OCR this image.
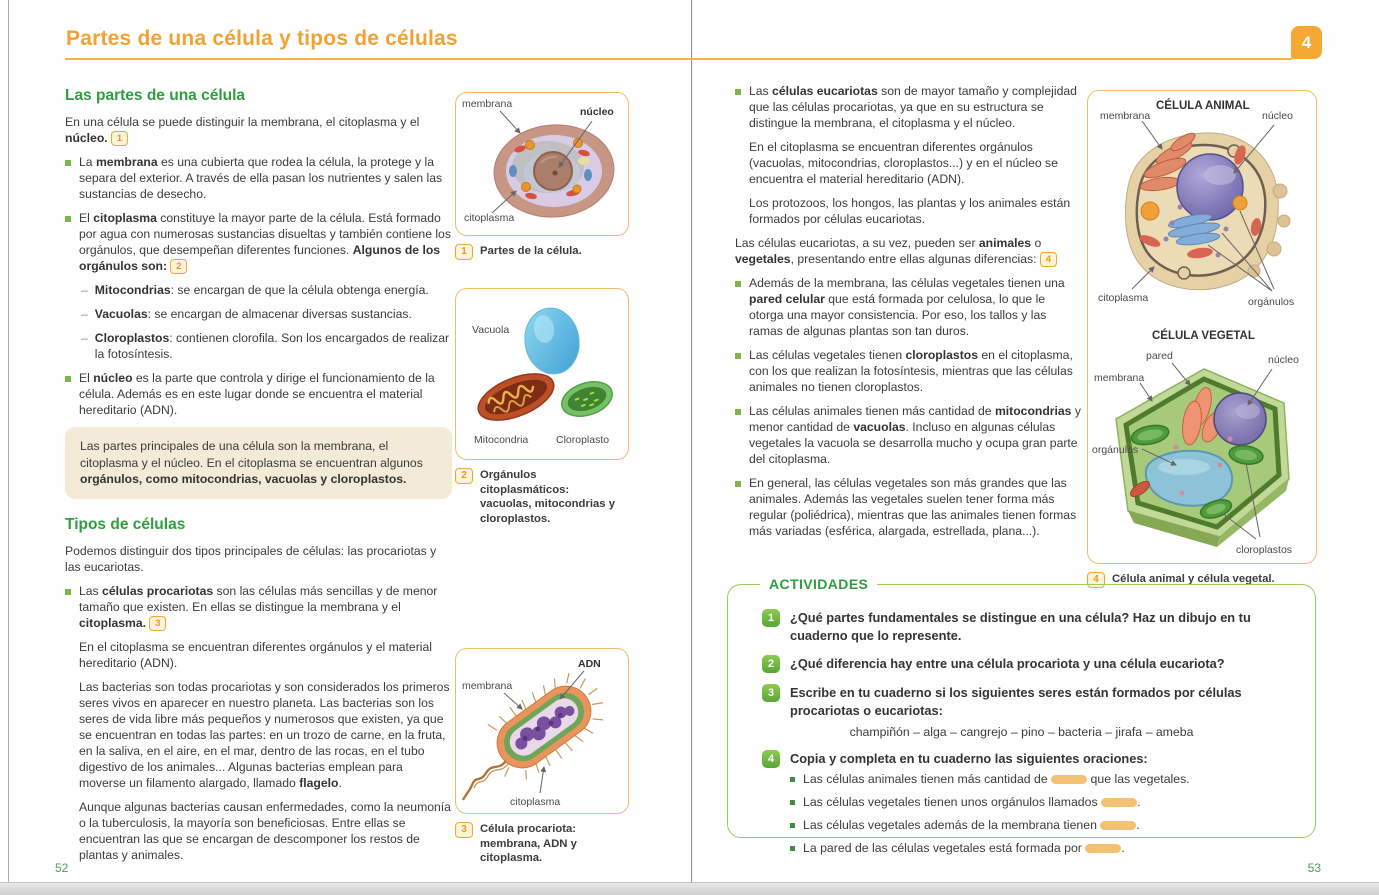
Partes de una célula y tipos de células	4
Las partes de una célula

En una célula se puede distinguir la membrana, el citoplasma y el núcleo. 1

La membrana es una cubierta que rodea la célula, la protege y la separa del exterior. A través de ella pasan los nutrientes y salen las sustancias de desecho.
El citoplasma constituye la mayor parte de la célula. Está formado por agua con numerosas sustancias disueltas y también contiene los orgánulos, que desempeñan diferentes funciones. Algunos de los orgánulos son: 2
– Mitocondrias: se encargan de que la célula obtenga energía.
– Vacuolas: se encargan de almacenar diversas sustancias.
– Cloroplastos: contienen clorofila. Son los encargados de realizar la fotosíntesis.
El núcleo es la parte que controla y dirige el funcionamiento de la célula. Además es en este lugar donde se encuentra el material hereditario (ADN).
Las partes principales de una célula son la membrana, el citoplasma y el núcleo. En el citoplasma se encuentran algunos orgánulos, como mitocondrias, vacuolas y cloroplastos.
Tipos de células

Podemos distinguir dos tipos principales de células: las procariotas y las eucariotas.

Las células procariotas son las células más sencillas y de menor tamaño que existen. En ellas se distingue la membrana y el citoplasma. 3

En el citoplasma se encuentran diferentes orgánulos y el material hereditario (ADN).

Las bacterias son todas procariotas y son considerados los primeros seres vivos en aparecer en nuestro planeta. Las bacterias son los seres de vida libre más pequeños y numerosos que existen, ya que se encuentran en todas las partes: en un trozo de carne, en la fruta, en la saliva, en el aire, en el mar, dentro de las rocas, en el tubo digestivo de los animales... Algunas bacterias emplean para moverse un filamento alargado, llamado flagelo.

Aunque algunas bacterias causan enfermedades, como la neumonía o la tuberculosis, la mayoría son beneficiosas. Entre ellas se encuentran las que se encargan de descomponer los restos de plantas y animales.

52
membrana
núcleo
citoplasma
1	Partes de la célula.
Vacuola
Mitocondria	Cloroplasto
2	Orgánulos citoplasmáticos: vacuolas, mitocondrias y cloroplastos.
ADN
membrana
citoplasma
3	Célula procariota: membrana, ADN y citoplasma.
Las células eucariotas son de mayor tamaño y complejidad que las células procariotas, ya que en su estructura se distingue la membrana, el citoplasma y el núcleo.

En el citoplasma se encuentran diferentes orgánulos (vacuolas, mitocondrias, cloroplastos...) y en el núcleo se encuentra el material hereditario (ADN).

Los protozoos, los hongos, las plantas y los animales están formados por células eucariotas.

Las células eucariotas, a su vez, pueden ser animales o vegetales, presentando entre ellas algunas diferencias: 4

Además de la membrana, las células vegetales tienen una pared celular que está formada por celulosa, lo que le otorga una mayor consistencia. Por eso, los tallos y las ramas de algunas plantas son tan duros.
Las células vegetales tienen cloroplastos en el citoplasma, con los que realizan la fotosíntesis, mientras que las células animales no tienen cloroplastos.
Las células animales tienen más cantidad de mitocondrias y menor cantidad de vacuolas. Incluso en algunas células vegetales la vacuola se desarrolla mucho y ocupa gran parte del citoplasma.
En general, las células vegetales son más grandes que las animales. Además las vegetales suelen tener forma más regular (poliédrica), mientras que las animales tienen formas más variadas (esférica, alargada, estrellada, plana...).
CÉLULA ANIMAL
membrana	núcleo
citoplasma	orgánulos
CÉLULA VEGETAL
pared
membrana
núcleo
orgánulos
cloroplastos
4	Célula animal y célula vegetal.
ACTIVIDADES
1	¿Qué partes fundamentales se distingue en una célula? Haz un dibujo en tu cuaderno que lo represente.
2	¿Qué diferencia hay entre una célula procariota y una célula eucariota?
3	Escribe en tu cuaderno si los siguientes seres están formados por células procariotas o eucariotas:
champiñón – alga – cangrejo – pino – bacteria – jirafa – ameba
4	Copia y completa en tu cuaderno las siguientes oraciones:
Las células animales tienen más cantidad de	que las vegetales.
Las células vegetales tienen unos orgánulos llamados	.
Las células vegetales además de la membrana tienen	.
La pared de las células vegetales está formada por	.
53
